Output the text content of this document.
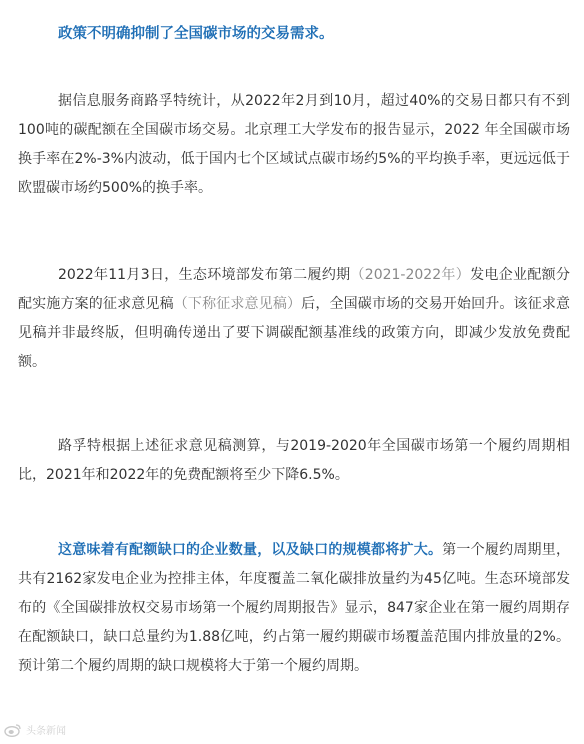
政策不明确抑制了全国碳市场的交易需求。

据信息服务商路孚特统计，从2022年2月到10月，超过40%的交易日都只有不到100吨的碳配额在全国碳市场交易。北京理工大学发布的报告显示，2022 年全国碳市场换手率在2%-3%内波动，低于国内七个区域试点碳市场约5%的平均换手率，更远远低于欧盟碳市场约500%的换手率。

2022年11月3日，生态环境部发布第二履约期（2021-2022年）发电企业配额分配实施方案的征求意见稿（下称征求意见稿）后，全国碳市场的交易开始回升。该征求意见稿并非最终版，但明确传递出了要下调碳配额基准线的政策方向，即减少发放免费配额。

路孚特根据上述征求意见稿测算，与2019-2020年全国碳市场第一个履约周期相比，2021年和2022年的免费配额将至少下降6.5%。

这意味着有配额缺口的企业数量，以及缺口的规模都将扩大。第一个履约周期里，共有2162家发电企业为控排主体，年度覆盖二氧化碳排放量约为45亿吨。生态环境部发布的《全国碳排放权交易市场第一个履约周期报告》显示，847家企业在第一履约周期存在配额缺口，缺口总量约为1.88亿吨，约占第一履约期碳市场覆盖范围内排放量的2%。预计第二个履约周期的缺口规模将大于第一个履约周期。

头条新闻
